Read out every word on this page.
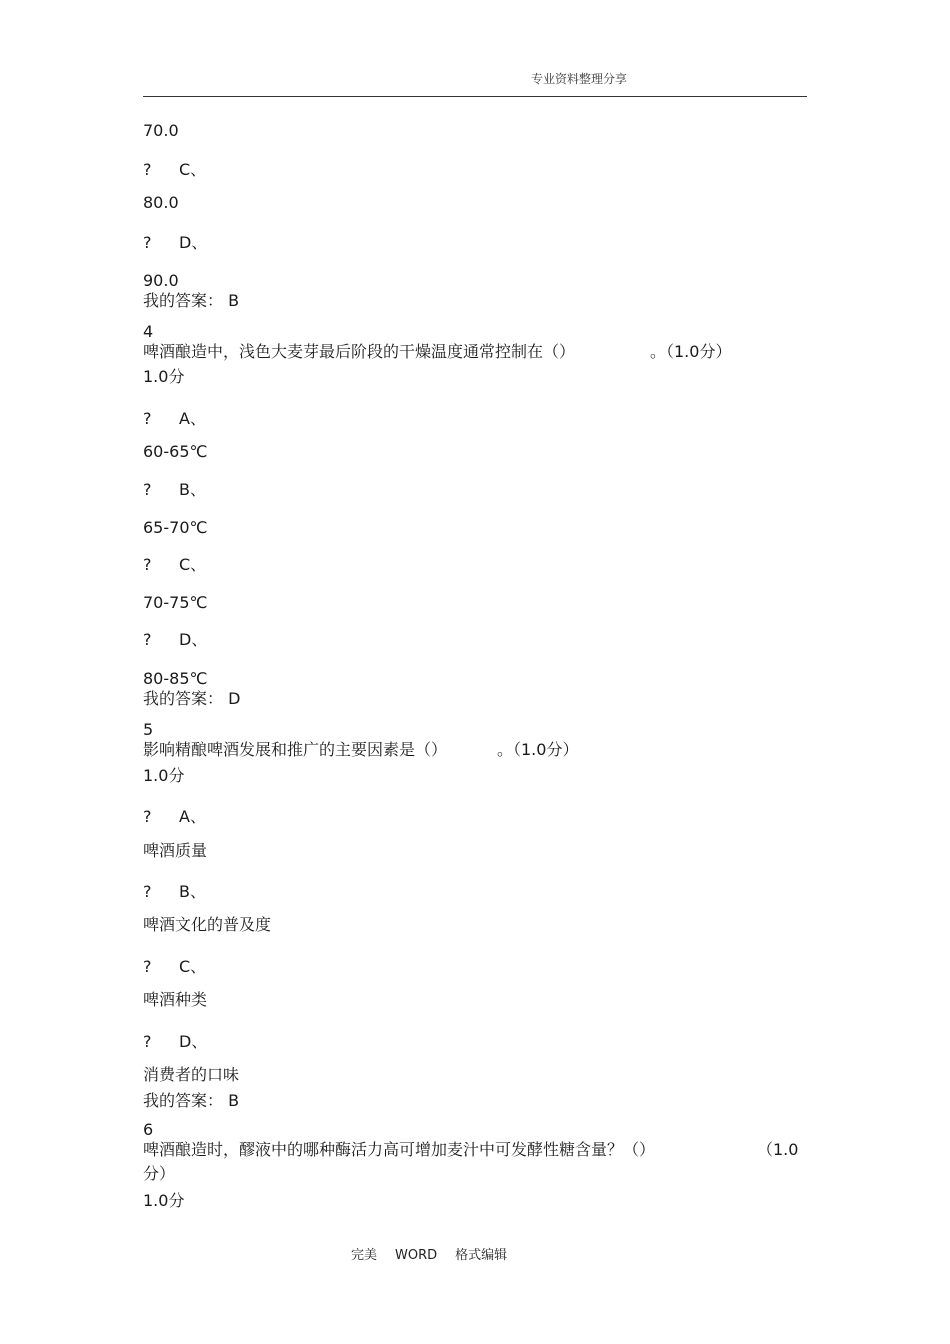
专业资料整理分享
70.0
? C、
80.0
? D、
90.0
我的答案： B
4
啤酒酿造中，浅色大麦芽最后阶段的干燥温度通常控制在（）	。（1.0分）
1.0分
? A、
60-65℃
? B、
65-70℃
? C、
70-75℃
? D、
80-85℃
我的答案： D
5
影响精酿啤酒发展和推广的主要因素是（）	。（1.0分）
1.0分
? A、
啤酒质量
? B、
啤酒文化的普及度
? C、
啤酒种类
? D、
消费者的口味
我的答案： B
6
啤酒酿造时，醪液中的哪种酶活力高可增加麦汁中可发酵性糖含量？（）	（1.0
分）
1.0分
完美 WORD 格式编辑
